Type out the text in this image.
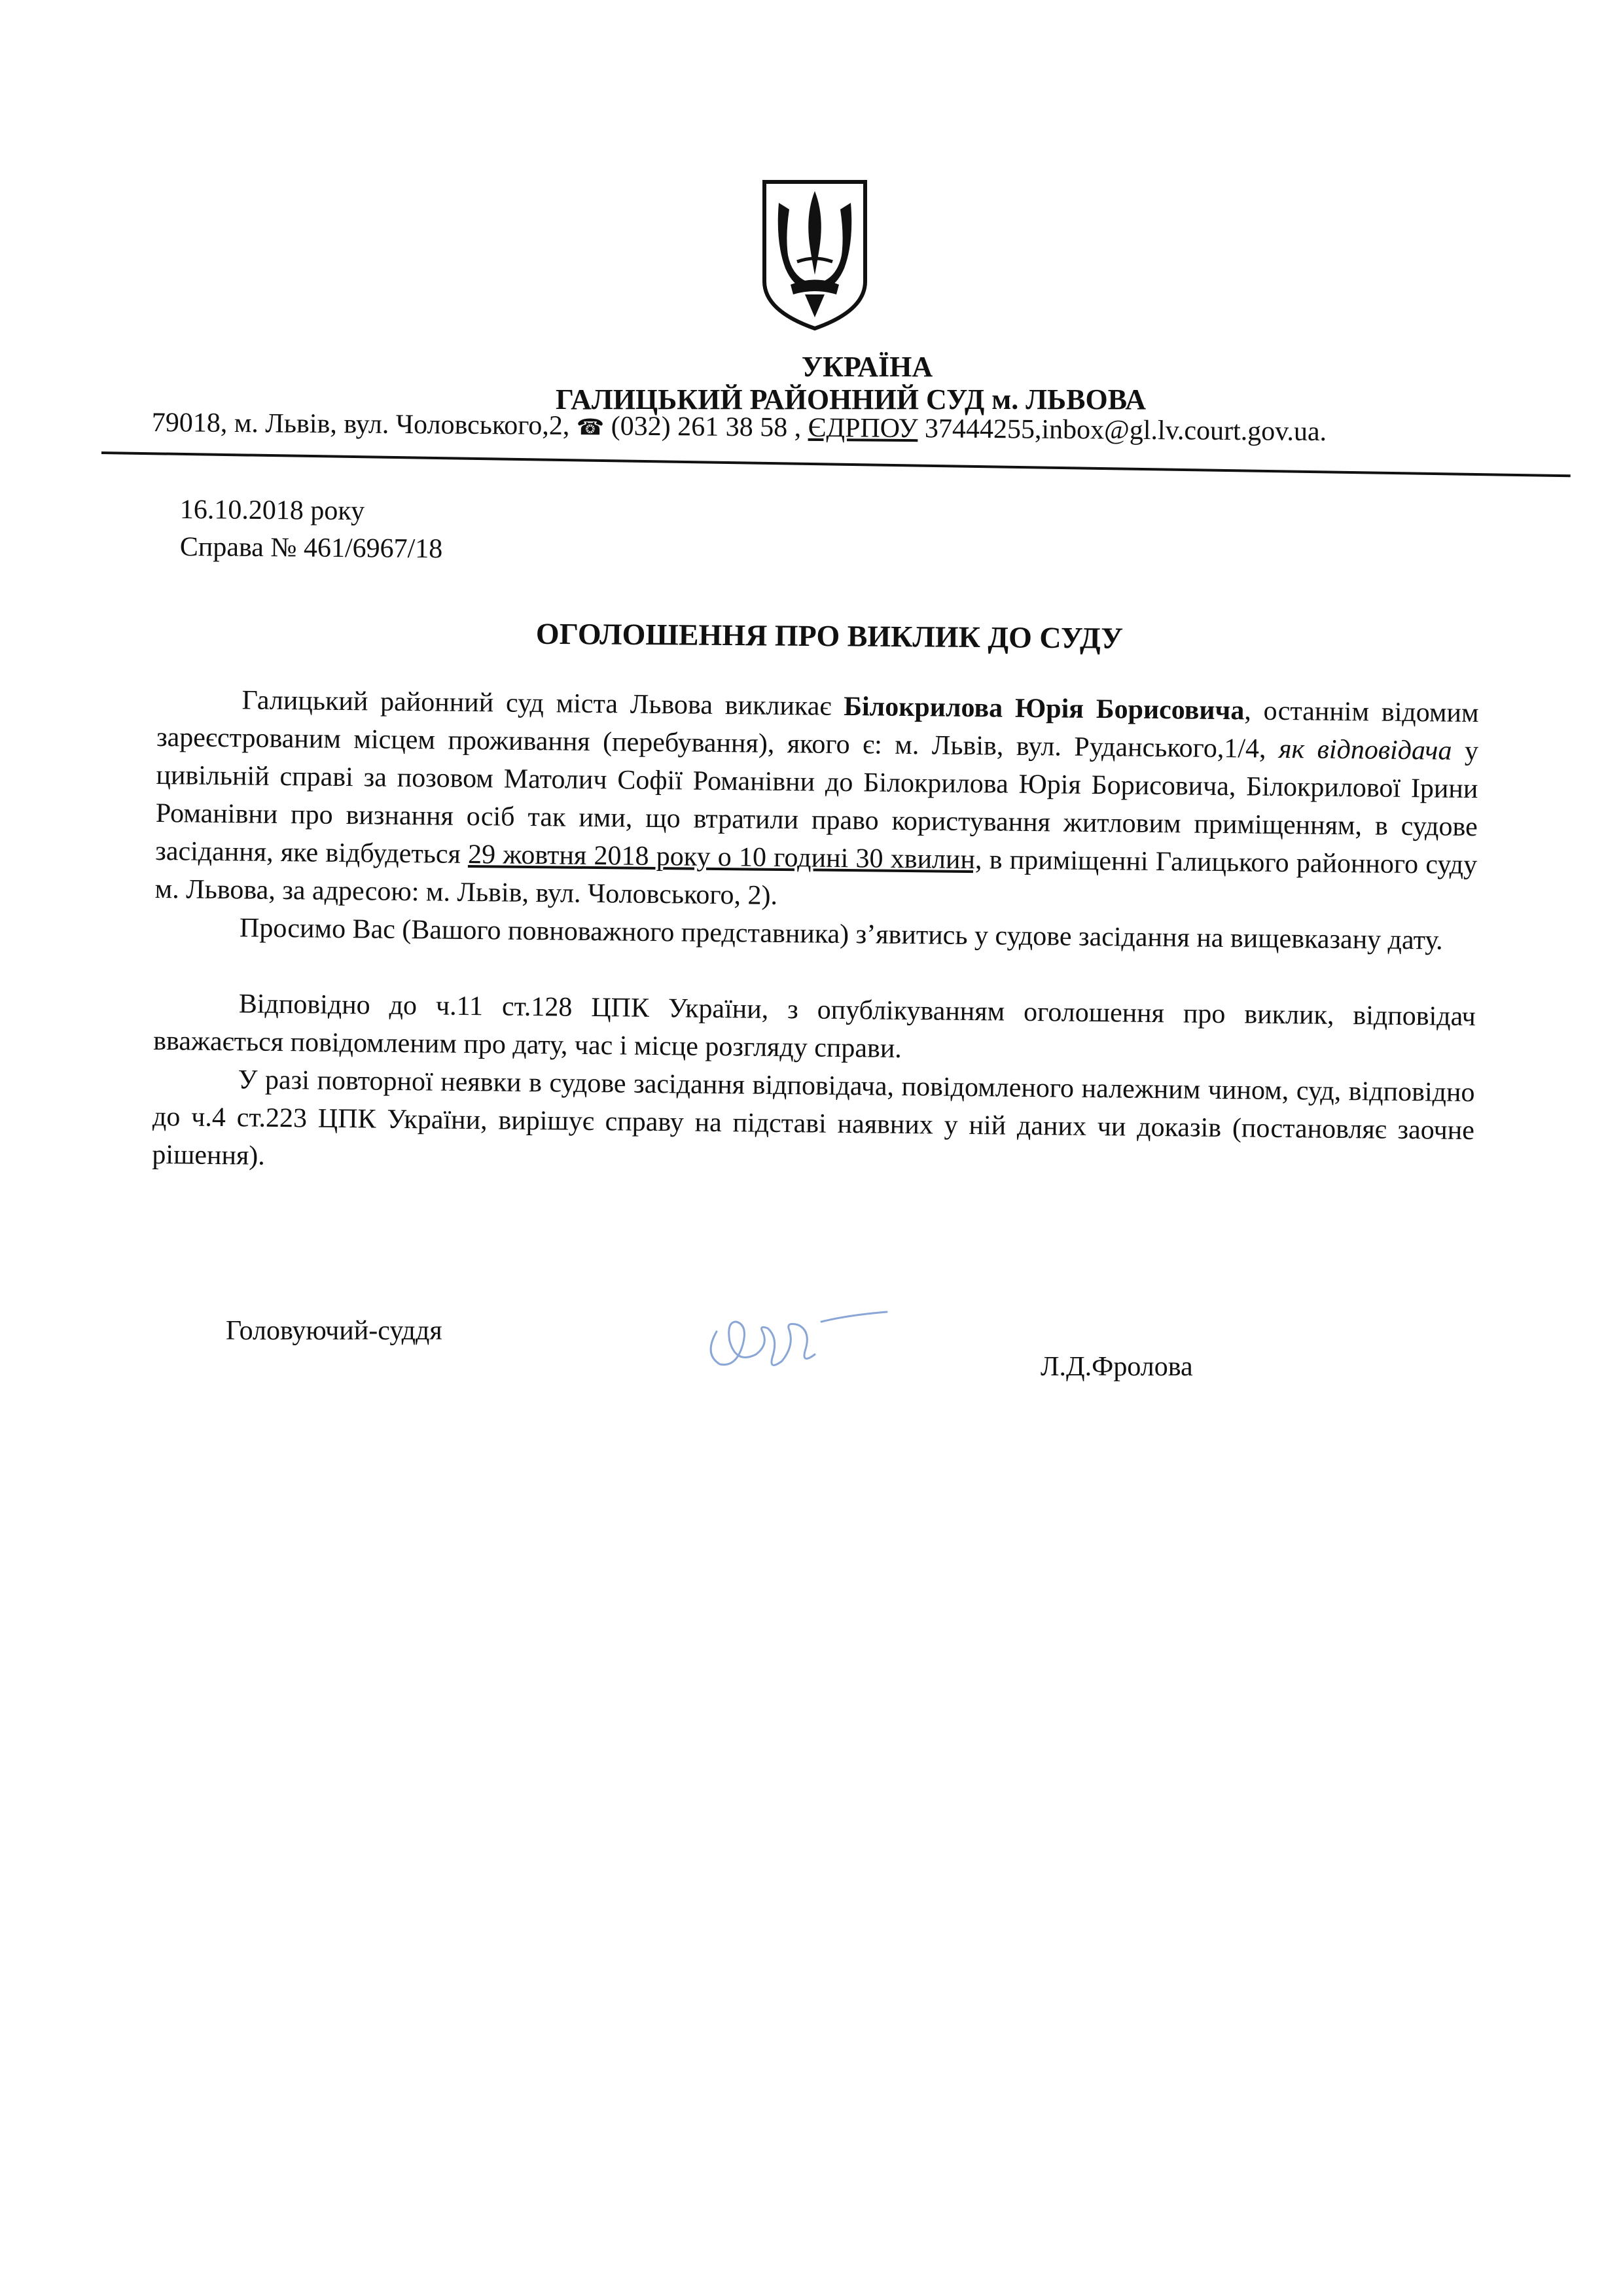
УКРАЇНА
ГАЛИЦЬКИЙ РАЙОННИЙ СУД м. ЛЬВОВА
79018, м. Львів, вул. Чоловського,2, ☎ (032) 261 38 58 , ЄДРПОУ 37444255,inbox@gl.lv.court.gov.ua.
16.10.2018 року
Справа № 461/6967/18
ОГОЛОШЕННЯ ПРО ВИКЛИК ДО СУДУ

Галицький районний суд міста Львова викликає Білокрилова Юрія Борисовича, останнім відомим зареєстрованим місцем проживання (перебування), якого є: м. Львів, вул. Руданського,1/4, як відповідача у цивільній справі за позовом Матолич Софії Романівни до Білокрилова Юрія Борисовича, Білокрилової Ірини Романівни про визнання осіб так ими, що втратили право користування житловим приміщенням, в судове засідання, яке відбудеться 29 жовтня 2018 року о 10 годині 30 хвилин, в приміщенні Галицького районного суду м. Львова, за адресою: м. Львів, вул. Чоловського, 2).

Просимо Вас (Вашого повноважного представника) з’явитись у судове засідання на вищевказану дату.

Відповідно до ч.11 ст.128 ЦПК України, з опублікуванням оголошення про виклик, відповідач вважається повідомленим про дату, час і місце розгляду справи.

У разі повторної неявки в судове засідання відповідача, повідомленого належним чином, суд, відповідно до ч.4 ст.223 ЦПК України, вирішує справу на підставі наявних у ній даних чи доказів (постановляє заочне рішення).

Головуючий-суддя
Л.Д.Фролова
